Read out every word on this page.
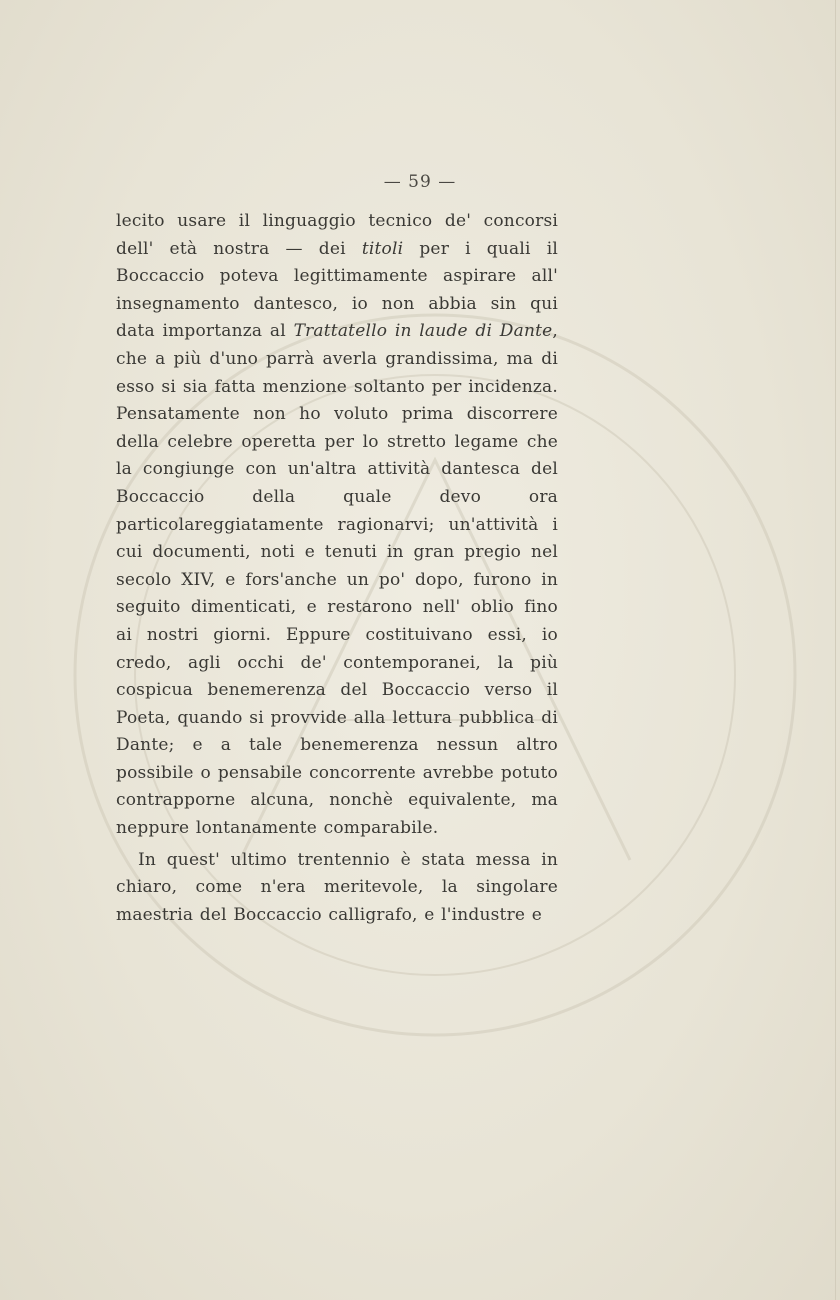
— 59 —

lecito usare il linguaggio tecnico de' concorsi dell' età nostra — dei titoli per i quali il Boccaccio poteva legittimamente aspirare all' insegnamento dantesco, io non abbia sin qui data importanza al Trattatello in laude di Dante, che a più d'uno parrà averla grandissima, ma di esso si sia fatta menzione soltanto per incidenza. Pensatamente non ho voluto prima discorrere della celebre operetta per lo stretto legame che la congiunge con un'altra attività dantesca del Boccaccio della quale devo ora particolareggiatamente ragionarvi; un'attività i cui documenti, noti e tenuti in gran pregio nel secolo XIV, e fors'anche un po' dopo, furono in seguito dimenticati, e restarono nell' oblio fino ai nostri giorni. Eppure costituivano essi, io credo, agli occhi de' contemporanei, la più cospicua benemerenza del Boccaccio verso il Poeta, quando si provvide alla lettura pubblica di Dante; e a tale benemerenza nessun altro possibile o pensabile concorrente avrebbe potuto contrapporne alcuna, nonchè equivalente, ma neppure lontanamente comparabile.

In quest' ultimo trentennio è stata messa in chiaro, come n'era meritevole, la singolare maestria del Boccaccio calligrafo, e l'industre e
